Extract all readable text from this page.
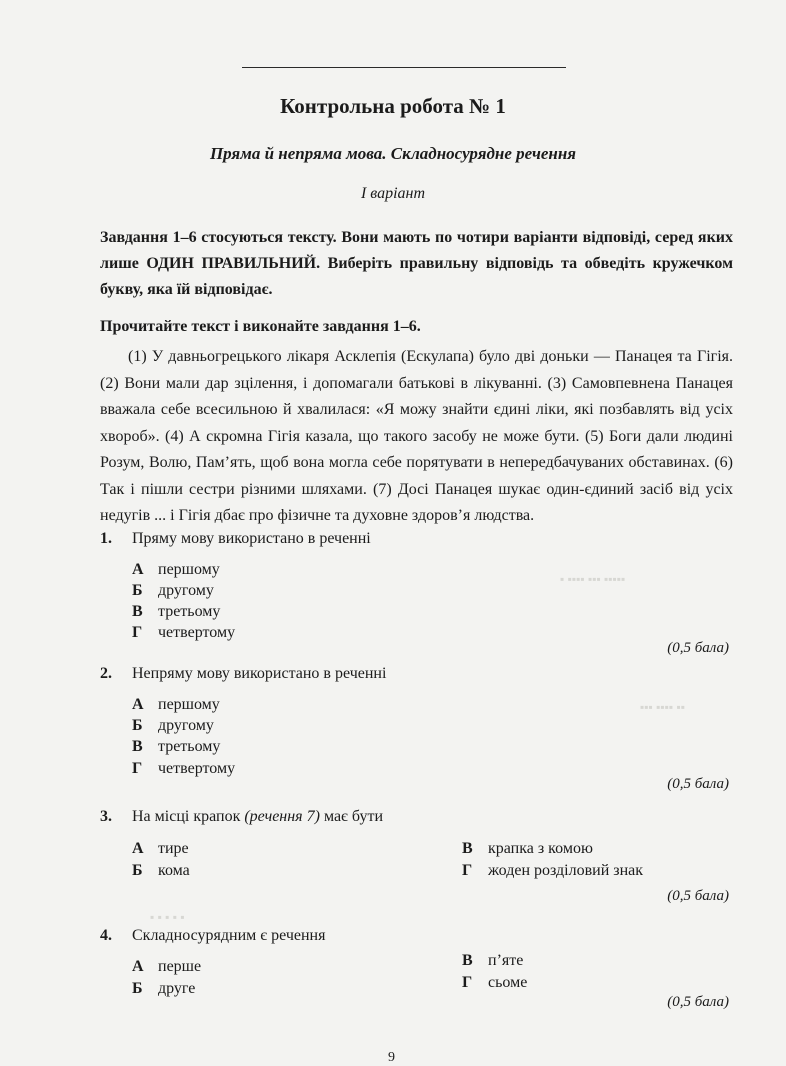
▪ ▪▪▪▪ ▪▪▪ ▪▪▪▪▪
▪▪▪ ▪▪▪▪ ▪▪
▪ ▪ ▪ ▪ ▪
Контрольна робота № 1
Пряма й непряма мова. Складносурядне речення
І варіант
Завдання 1–6 стосуються тексту. Вони мають по чотири варіанти відповіді, серед яких лише ОДИН ПРАВИЛЬНИЙ. Виберіть правильну відповідь та обведіть кружечком букву, яка їй відповідає.
Прочитайте текст і виконайте завдання 1–6.
(1) У давньогрецького лікаря Асклепія (Ескулапа) було дві доньки — Панацея та Гігія. (2) Вони мали дар зцілення, і допомагали батькові в лікуванні. (3) Самовпевнена Панацея вважала себе всесильною й хвалилася: «Я можу знайти єдині ліки, які позбавлять від усіх хвороб». (4) А скромна Гігія казала, що такого засобу не може бути. (5) Боги дали людині Розум, Волю, Пам’ять, щоб вона могла себе порятувати в непередбачуваних обставинах. (6) Так і пішли сестри різними шляхами. (7) Досі Панацея шукає один-єдиний засіб від усіх недугів ... і Гігія дбає про фізичне та духовне здоров’я людства.
1. Пряму мову використано в реченні
А першому
Б другому
В третьому
Г четвертому
(0,5 бала)
2. Непряму мову використано в реченні
А першому
Б другому
В третьому
Г четвертому
(0,5 бала)
3. На місці крапок (речення 7) має бути
А тире
Б кома
В крапка з комою
Г жоден розділовий знак
(0,5 бала)
4. Складносурядним є речення
А перше
Б друге
В п’яте
Г сьоме
(0,5 бала)
9
